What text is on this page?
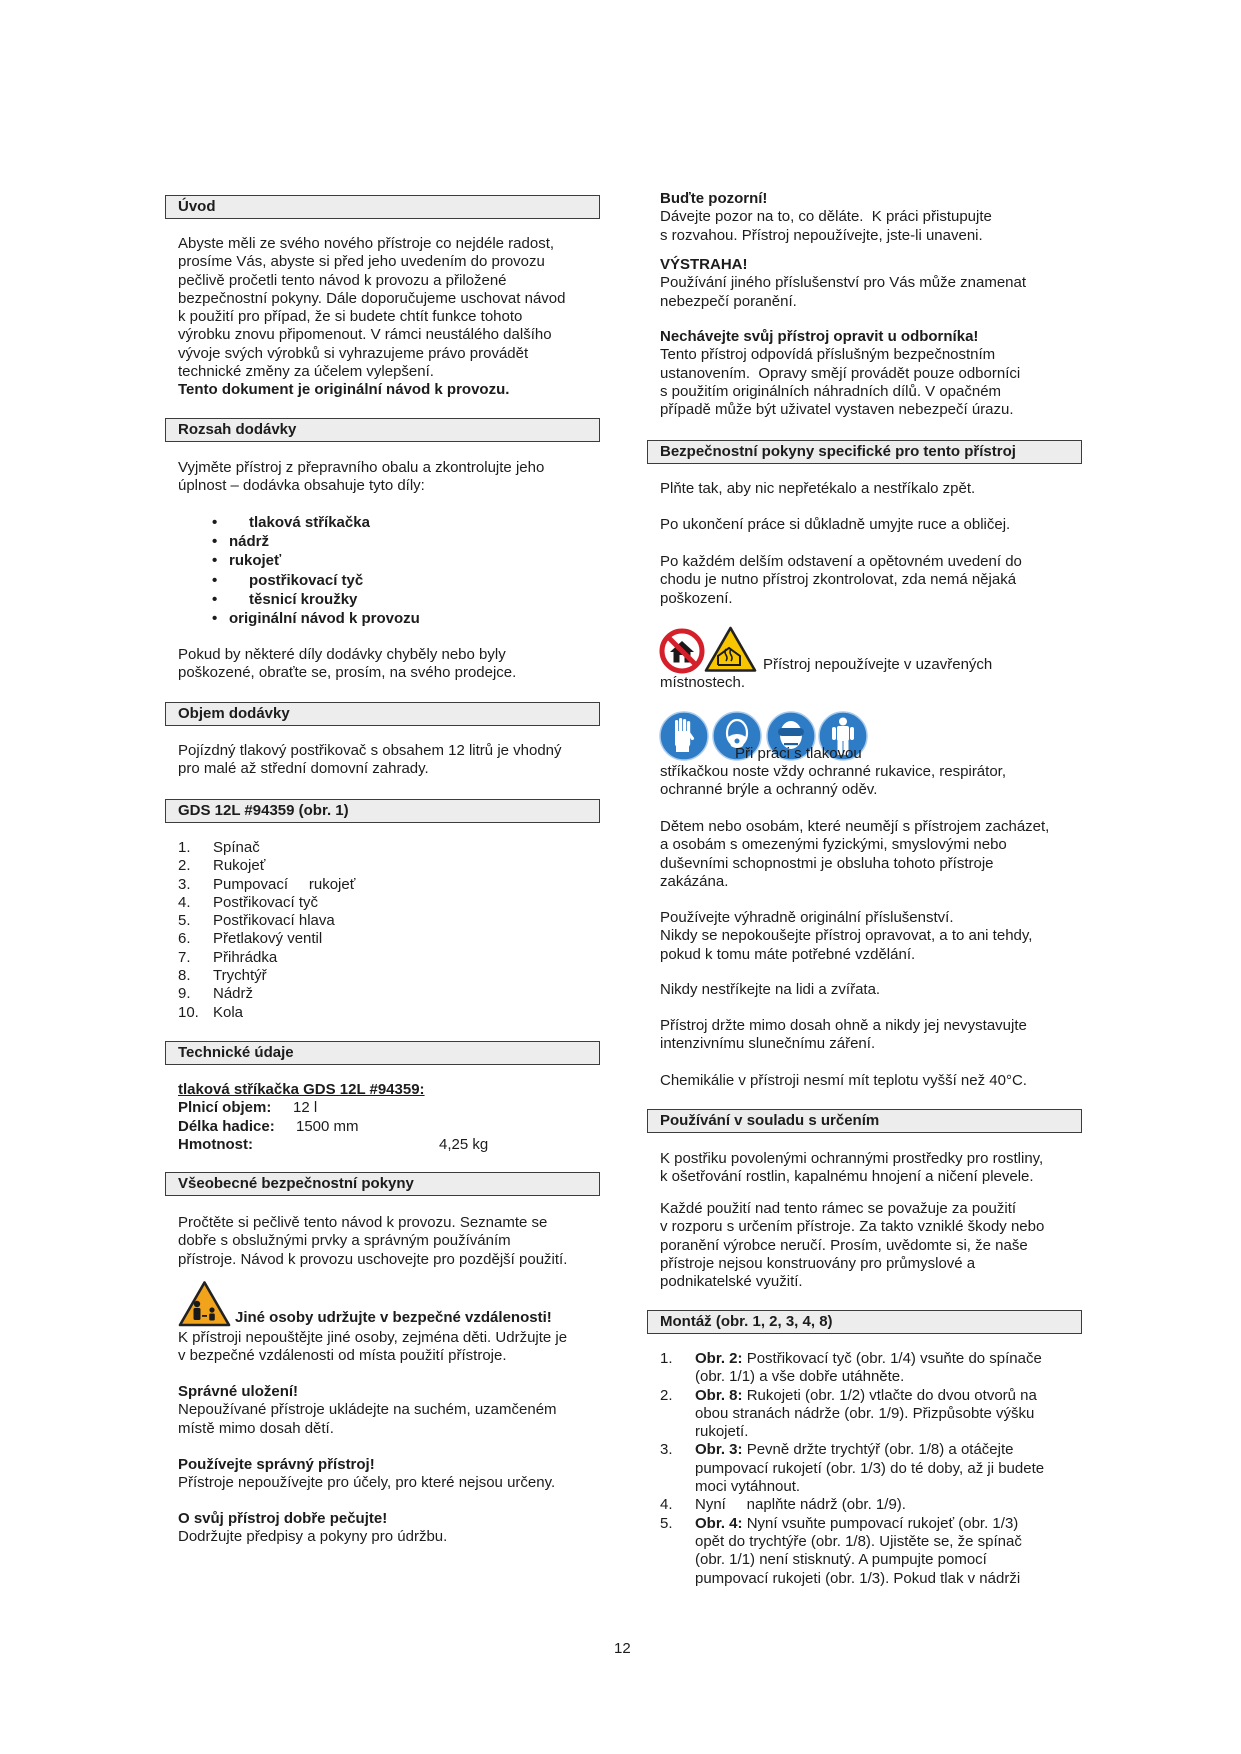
Úvod
Abyste měli ze svého nového přístroje co nejdéle radost,
prosíme Vás, abyste si před jeho uvedením do provozu
pečlivě pročetli tento návod k provozu a přiložené
bezpečnostní pokyny. Dále doporučujeme uschovat návod
k použití pro případ, že si budete chtít funkce tohoto
výrobku znovu připomenout. V rámci neustálého dalšího
vývoje svých výrobků si vyhrazujeme právo provádět
technické změny za účelem vylepšení.
Tento dokument je originální návod k provozu.
Rozsah dodávky
Vyjměte přístroj z přepravního obalu a zkontrolujte jeho
úplnost – dodávka obsahuje tyto díly:
• tlaková stříkačka
• nádrž
• rukojeť
• postřikovací tyč
• těsnicí kroužky
• originální návod k provozu
Pokud by některé díly dodávky chyběly nebo byly
poškozené, obraťte se, prosím, na svého prodejce.
Objem dodávky
Pojízdný tlakový postřikovač s obsahem 12 litrů je vhodný
pro malé až střední domovní zahrady.
GDS 12L #94359 (obr. 1)
1. Spínač
2. Rukojeť
3. Pumpovací     rukojeť
4. Postřikovací tyč
5. Postřikovací hlava
6. Přetlakový ventil
7. Přihrádka
8. Trychtýř
9. Nádrž
10. Kola
Technické údaje
tlaková stříkačka GDS 12L #94359:
Plnicí objem: 12 l
Délka hadice: 1500 mm
Hmotnost:	4,25 kg
Všeobecné bezpečnostní pokyny
Pročtěte si pečlivě tento návod k provozu. Seznamte se
dobře s obslužnými prvky a správným používáním
přístroje. Návod k provozu uschovejte pro pozdější použití.
Jiné osoby udržujte v bezpečné vzdálenosti!
K přístroji nepouštějte jiné osoby, zejména děti. Udržujte je
v bezpečné vzdálenosti od místa použití přístroje.
Správné uložení!
Nepoužívané přístroje ukládejte na suchém, uzamčeném
místě mimo dosah dětí.
Používejte správný přístroj!
Přístroje nepoužívejte pro účely, pro které nejsou určeny.
O svůj přístroj dobře pečujte!
Dodržujte předpisy a pokyny pro údržbu.
Buďte pozorní!
Dávejte pozor na to, co děláte.  K práci přistupujte
s rozvahou. Přístroj nepoužívejte, jste-li unaveni.
VÝSTRAHA!
Používání jiného příslušenství pro Vás může znamenat
nebezpečí poranění.
Nechávejte svůj přístroj opravit u odborníka!
Tento přístroj odpovídá příslušným bezpečnostním
ustanovením.  Opravy smějí provádět pouze odborníci
s použitím originálních náhradních dílů. V opačném
případě může být uživatel vystaven nebezpečí úrazu.
Bezpečnostní pokyny specifické pro tento přístroj
Plňte tak, aby nic nepřetékalo a nestříkalo zpět.
Po ukončení práce si důkladně umyjte ruce a obličej.
Po každém delším odstavení a opětovném uvedení do
chodu je nutno přístroj zkontrolovat, zda nemá nějaká
poškození.
Přístroj nepoužívejte v uzavřených
místnostech.
Při práci s tlakovou
stříkačkou noste vždy ochranné rukavice, respirátor,
ochranné brýle a ochranný oděv.
Dětem nebo osobám, které neumějí s přístrojem zacházet,
a osobám s omezenými fyzickými, smyslovými nebo
duševními schopnostmi je obsluha tohoto přístroje
zakázána.
Používejte výhradně originální příslušenství.
Nikdy se nepokoušejte přístroj opravovat, a to ani tehdy,
pokud k tomu máte potřebné vzdělání.
Nikdy nestříkejte na lidi a zvířata.
Přístroj držte mimo dosah ohně a nikdy jej nevystavujte
intenzivnímu slunečnímu záření.
Chemikálie v přístroji nesmí mít teplotu vyšší než 40°C.
Používání v souladu s určením
K postřiku povolenými ochrannými prostředky pro rostliny,
k ošetřování rostlin, kapalnému hnojení a ničení plevele.
Každé použití nad tento rámec se považuje za použití
v rozporu s určením přístroje. Za takto vzniklé škody nebo
poranění výrobce neručí. Prosím, uvědomte si, že naše
přístroje nejsou konstruovány pro průmyslové a
podnikatelské využití.
Montáž (obr. 1, 2, 3, 4, 8)
1. Obr. 2: Postřikovací tyč (obr. 1/4) vsuňte do spínače
(obr. 1/1) a vše dobře utáhněte.
2. Obr. 8: Rukojeti (obr. 1/2) vtlačte do dvou otvorů na
obou stranách nádrže (obr. 1/9). Přizpůsobte výšku
rukojetí.
3. Obr. 3: Pevně držte trychtýř (obr. 1/8) a otáčejte
pumpovací rukojetí (obr. 1/3) do té doby, až ji budete
moci vytáhnout.
4. Nyní     naplňte nádrž (obr. 1/9).
5. Obr. 4: Nyní vsuňte pumpovací rukojeť (obr. 1/3)
opět do trychtýře (obr. 1/8). Ujistěte se, že spínač
(obr. 1/1) není stisknutý. A pumpujte pomocí
pumpovací rukojeti (obr. 1/3). Pokud tlak v nádrži
12
